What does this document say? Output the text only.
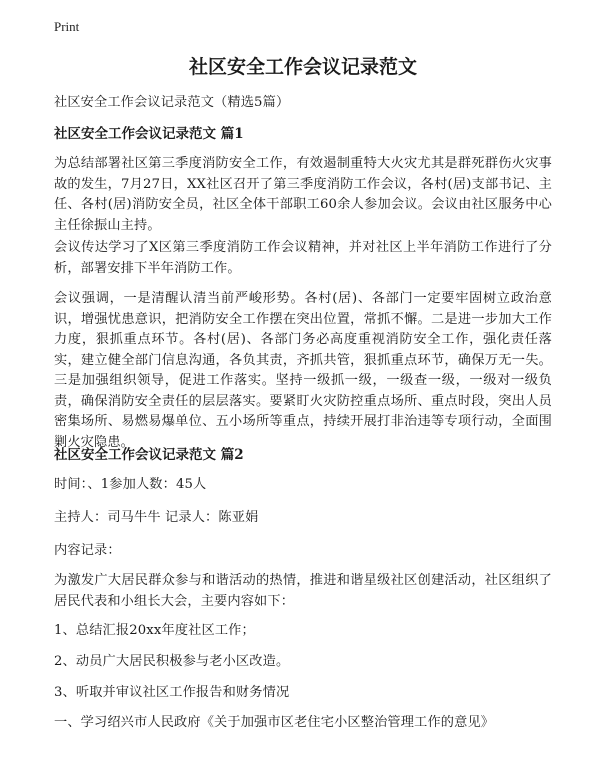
Print
社区安全工作会议记录范文

社区安全工作会议记录范文（精选5篇）

社区安全工作会议记录范文 篇1

为总结部署社区第三季度消防安全工作，有效遏制重特大火灾尤其是群死群伤火灾事故的发生，7月27日，XX社区召开了第三季度消防工作会议，各村(居)支部书记、主任、各村(居)消防安全员，社区全体干部职工60余人参加会议。会议由社区服务中心主任徐振山主持。

会议传达学习了X区第三季度消防工作会议精神，并对社区上半年消防工作进行了分析，部署安排下半年消防工作。

会议强调，一是清醒认清当前严峻形势。各村(居)、各部门一定要牢固树立政治意识，增强忧患意识，把消防安全工作摆在突出位置，常抓不懈。二是进一步加大工作力度，狠抓重点环节。各村(居)、各部门务必高度重视消防安全工作，强化责任落实，建立健全部门信息沟通，各负其责，齐抓共管，狠抓重点环节，确保万无一失。三是加强组织领导，促进工作落实。坚持一级抓一级，一级查一级，一级对一级负责，确保消防安全责任的层层落实。要紧盯火灾防控重点场所、重点时段，突出人员密集场所、易燃易爆单位、五小场所等重点，持续开展打非治违等专项行动，全面围剿火灾隐患。

社区安全工作会议记录范文 篇2

时间：、1参加人数：45人

主持人：司马牛牛 记录人：陈亚娟

内容记录：

为激发广大居民群众参与和谐活动的热情，推进和谐星级社区创建活动，社区组织了居民代表和小组长大会，主要内容如下：

1、总结汇报20xx年度社区工作；

2、动员广大居民积极参与老小区改造。

3、听取并审议社区工作报告和财务情况

一、学习绍兴市人民政府《关于加强市区老住宅小区整治管理工作的意见》
